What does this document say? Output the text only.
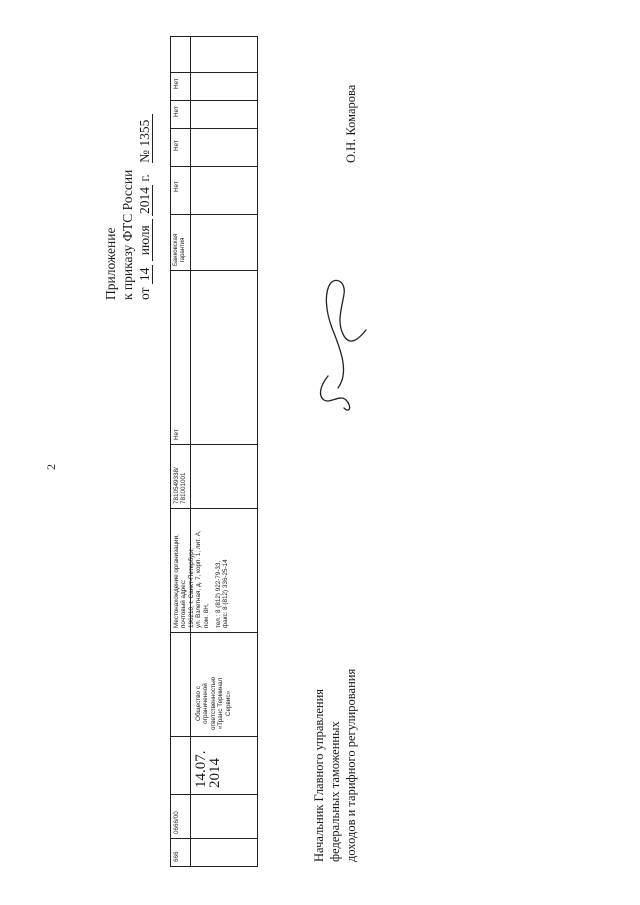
2
Приложение к приказу ФТС России от 14 июля 2014 г. № 1355
666
0666/00
14.07.
2014
Общество с ограниченной ответственностью «Транс Терминал Сервис»
Местонахождение организации, почтовый адрес: 196210, г. Санкт-Петербург, ул. Взлетная, д. 7, корп. 1, лит. А, пом. 8Н, тел.: 8 (812) 922-79-33, факс: 8 (812) 336-25-14
7810549338/ 781001001
Нет
Банковская гарантия
Нет
Нет
Нет
Нет
Начальник Главного управления федеральных таможенных доходов и тарифного регулирования
О.Н. Комарова
